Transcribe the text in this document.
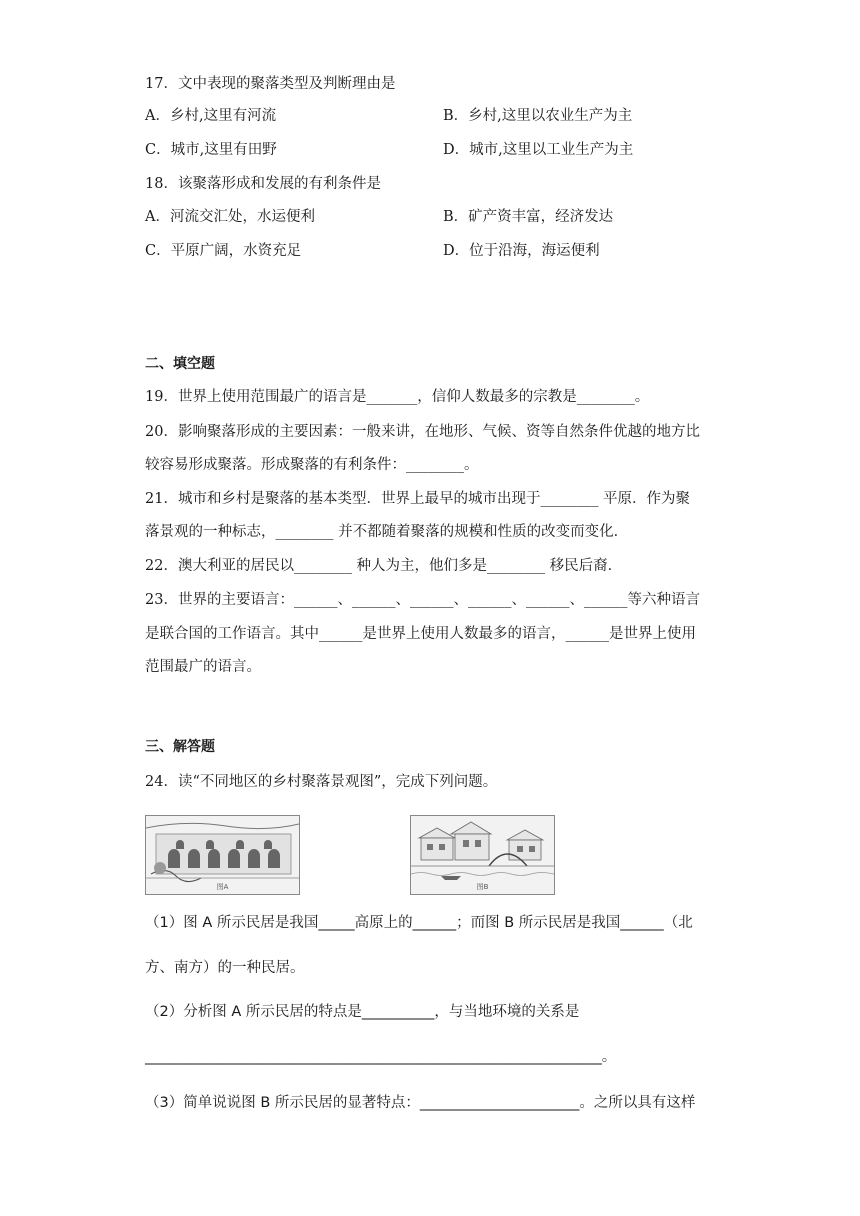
17．文中表现的聚落类型及判断理由是
A．乡村,这里有河流	B．乡村,这里以农业生产为主
C．城市,这里有田野	D．城市,这里以工业生产为主
18．该聚落形成和发展的有利条件是
A．河流交汇处，水运便利	B．矿产资丰富，经济发达
C．平原广阔，水资充足	D．位于沿海，海运便利
二、填空题
19．世界上使用范围最广的语言是_______，信仰人数最多的宗教是________。
20．影响聚落形成的主要因素：一般来讲，在地形、气候、资等自然条件优越的地方比
较容易形成聚落。形成聚落的有利条件：________。
21．城市和乡村是聚落的基本类型．世界上最早的城市出现于________ 平原．作为聚
落景观的一种标志，________ 并不都随着聚落的规模和性质的改变而变化．
22．澳大利亚的居民以________ 种人为主，他们多是________ 移民后裔．
23．世界的主要语言：______、______、______、______、______、______等六种语言
是联合国的工作语言。其中______是世界上使用人数最多的语言，______是世界上使用
范围最广的语言。
三、解答题
24．读“不同地区的乡村聚落景观图”，完成下列问题。
图A	图B
（1）图 A 所示民居是我国_____高原上的______；而图 B 所示民居是我国______（北
方、南方）的一种民居。
（2）分析图 A 所示民居的特点是__________，与当地环境的关系是
_______________________________________________________________。
（3）简单说说图 B 所示民居的显著特点：______________________。之所以具有这样
